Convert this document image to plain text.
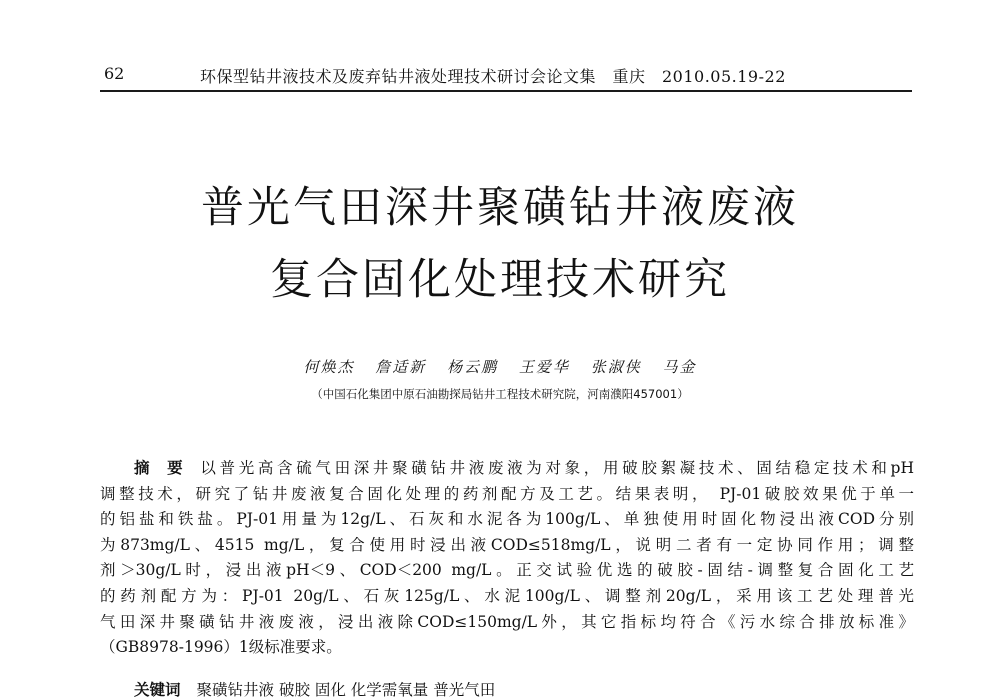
62	环保型钻井液技术及废弃钻井液处理技术研讨会论文集　重庆　2010.05.19-22
普光气田深井聚磺钻井液废液
复合固化处理技术研究
何焕杰 詹适新 杨云鹏 王爱华 张淑侠 马金
（中国石化集团中原石油勘探局钻井工程技术研究院，河南濮阳457001）
摘要以普光高含硫气田深井聚磺钻井液废液为对象，用破胶絮凝技术、固结稳定技术和pH
调整技术，研究了钻井废液复合固化处理的药剂配方及工艺。结果表明， PJ-01破胶效果优于单一
的铝盐和铁盐。PJ-01用量为12g/L、石灰和水泥各为100g/L、单独使用时固化物浸出液COD分别
为873mg/L、4515 mg/L，复合使用时浸出液COD≤518mg/L，说明二者有一定协同作用；调整
剂＞30g/L时，浸出液pH＜9、COD＜200 mg/L。正交试验优选的破胶-固结-调整复合固化工艺
的药剂配方为：PJ-01 20g/L、石灰125g/L、水泥100g/L、调整剂20g/L，采用该工艺处理普光
气田深井聚磺钻井液废液，浸出液除COD≤150mg/L外，其它指标均符合《污水综合排放标准》
（GB8978-1996）1级标准要求。
关键词 聚磺钻井液 破胶 固化 化学需氧量 普光气田
